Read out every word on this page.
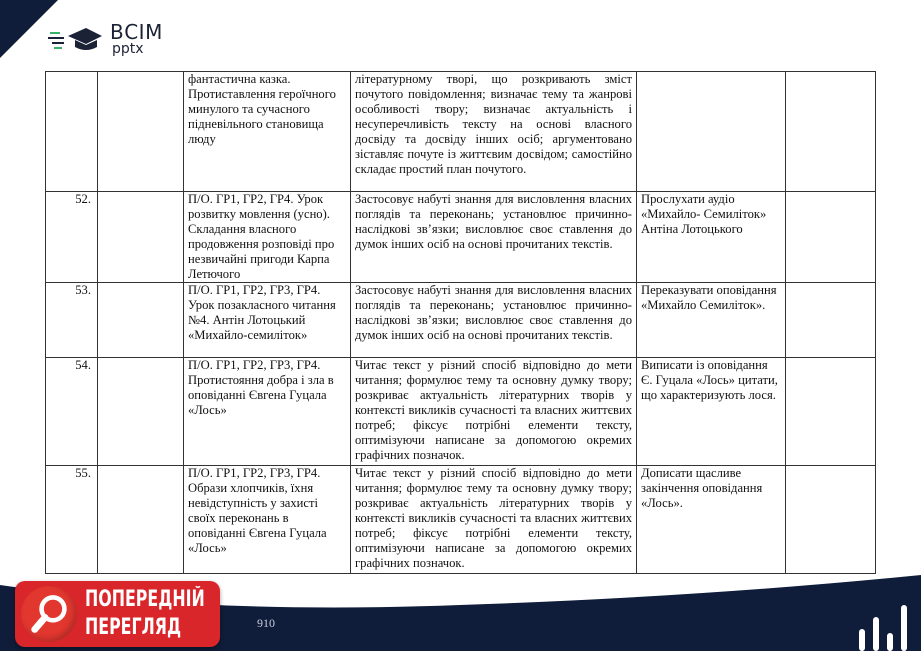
ВСІМ
pptx
		фантастична казка. Протиставлення героїчного минулого та сучасного підневільного становища люду	літературному творі, що розкривають зміст почутого повідомлення; визначає тему та жанрові особливості твору; визначає актуальність і несуперечливість тексту на основі власного досвіду та досвіду інших осіб; аргументовано зіставляє почуте із життєвим досвідом; самостійно складає простий план почутого.		
52.		П/О. ГР1, ГР2, ГР4. Урок розвитку мовлення (усно). Складання власного продовження розповіді про незвичайні пригоди Карпа Летючого	Застосовує набуті знання для висловлення власних поглядів та переконань; установлює причинно-наслідкові зв’язки; висловлює своє ставлення до думок інших осіб на основі прочитаних текстів.	Прослухати аудіо «Михайло- Семиліток» Антіна Лотоцького	
53.		П/О. ГР1, ГР2, ГР3, ГР4. Урок позакласного читання №4. Антін Лотоцький «Михайло-семиліток»	Застосовує набуті знання для висловлення власних поглядів та переконань; установлює причинно-наслідкові зв’язки; висловлює своє ставлення до думок інших осіб на основі прочитаних текстів.	Переказувати оповідання «Михайло Семиліток».	
54.		П/О. ГР1, ГР2, ГР3, ГР4. Протистояння добра і зла в оповіданні Євгена Гуцала «Лось»	Читає текст у різний спосіб відповідно до мети читання; формулює тему та основну думку твору; розкриває актуальність літературних творів у контексті викликів сучасності та власних життєвих потреб; фіксує потрібні елементи тексту, оптимізуючи написане за допомогою окремих графічних позначок.	Виписати із оповідання Є. Гуцала «Лось» цитати, що характеризують лося.	
55.		П/О. ГР1, ГР2, ГР3, ГР4. Образи хлопчиків, їхня невідступність у захисті своїх переконань в оповіданні Євгена Гуцала «Лось»	Читає текст у різний спосіб відповідно до мети читання; формулює тему та основну думку твору; розкриває актуальність літературних творів у контексті викликів сучасності та власних життєвих потреб; фіксує потрібні елементи тексту, оптимізуючи написане за допомогою окремих графічних позначок.	Дописати щасливе закінчення оповідання «Лось».	
910
ПОПЕРЕДНІЙ
ПЕРЕГЛЯД
